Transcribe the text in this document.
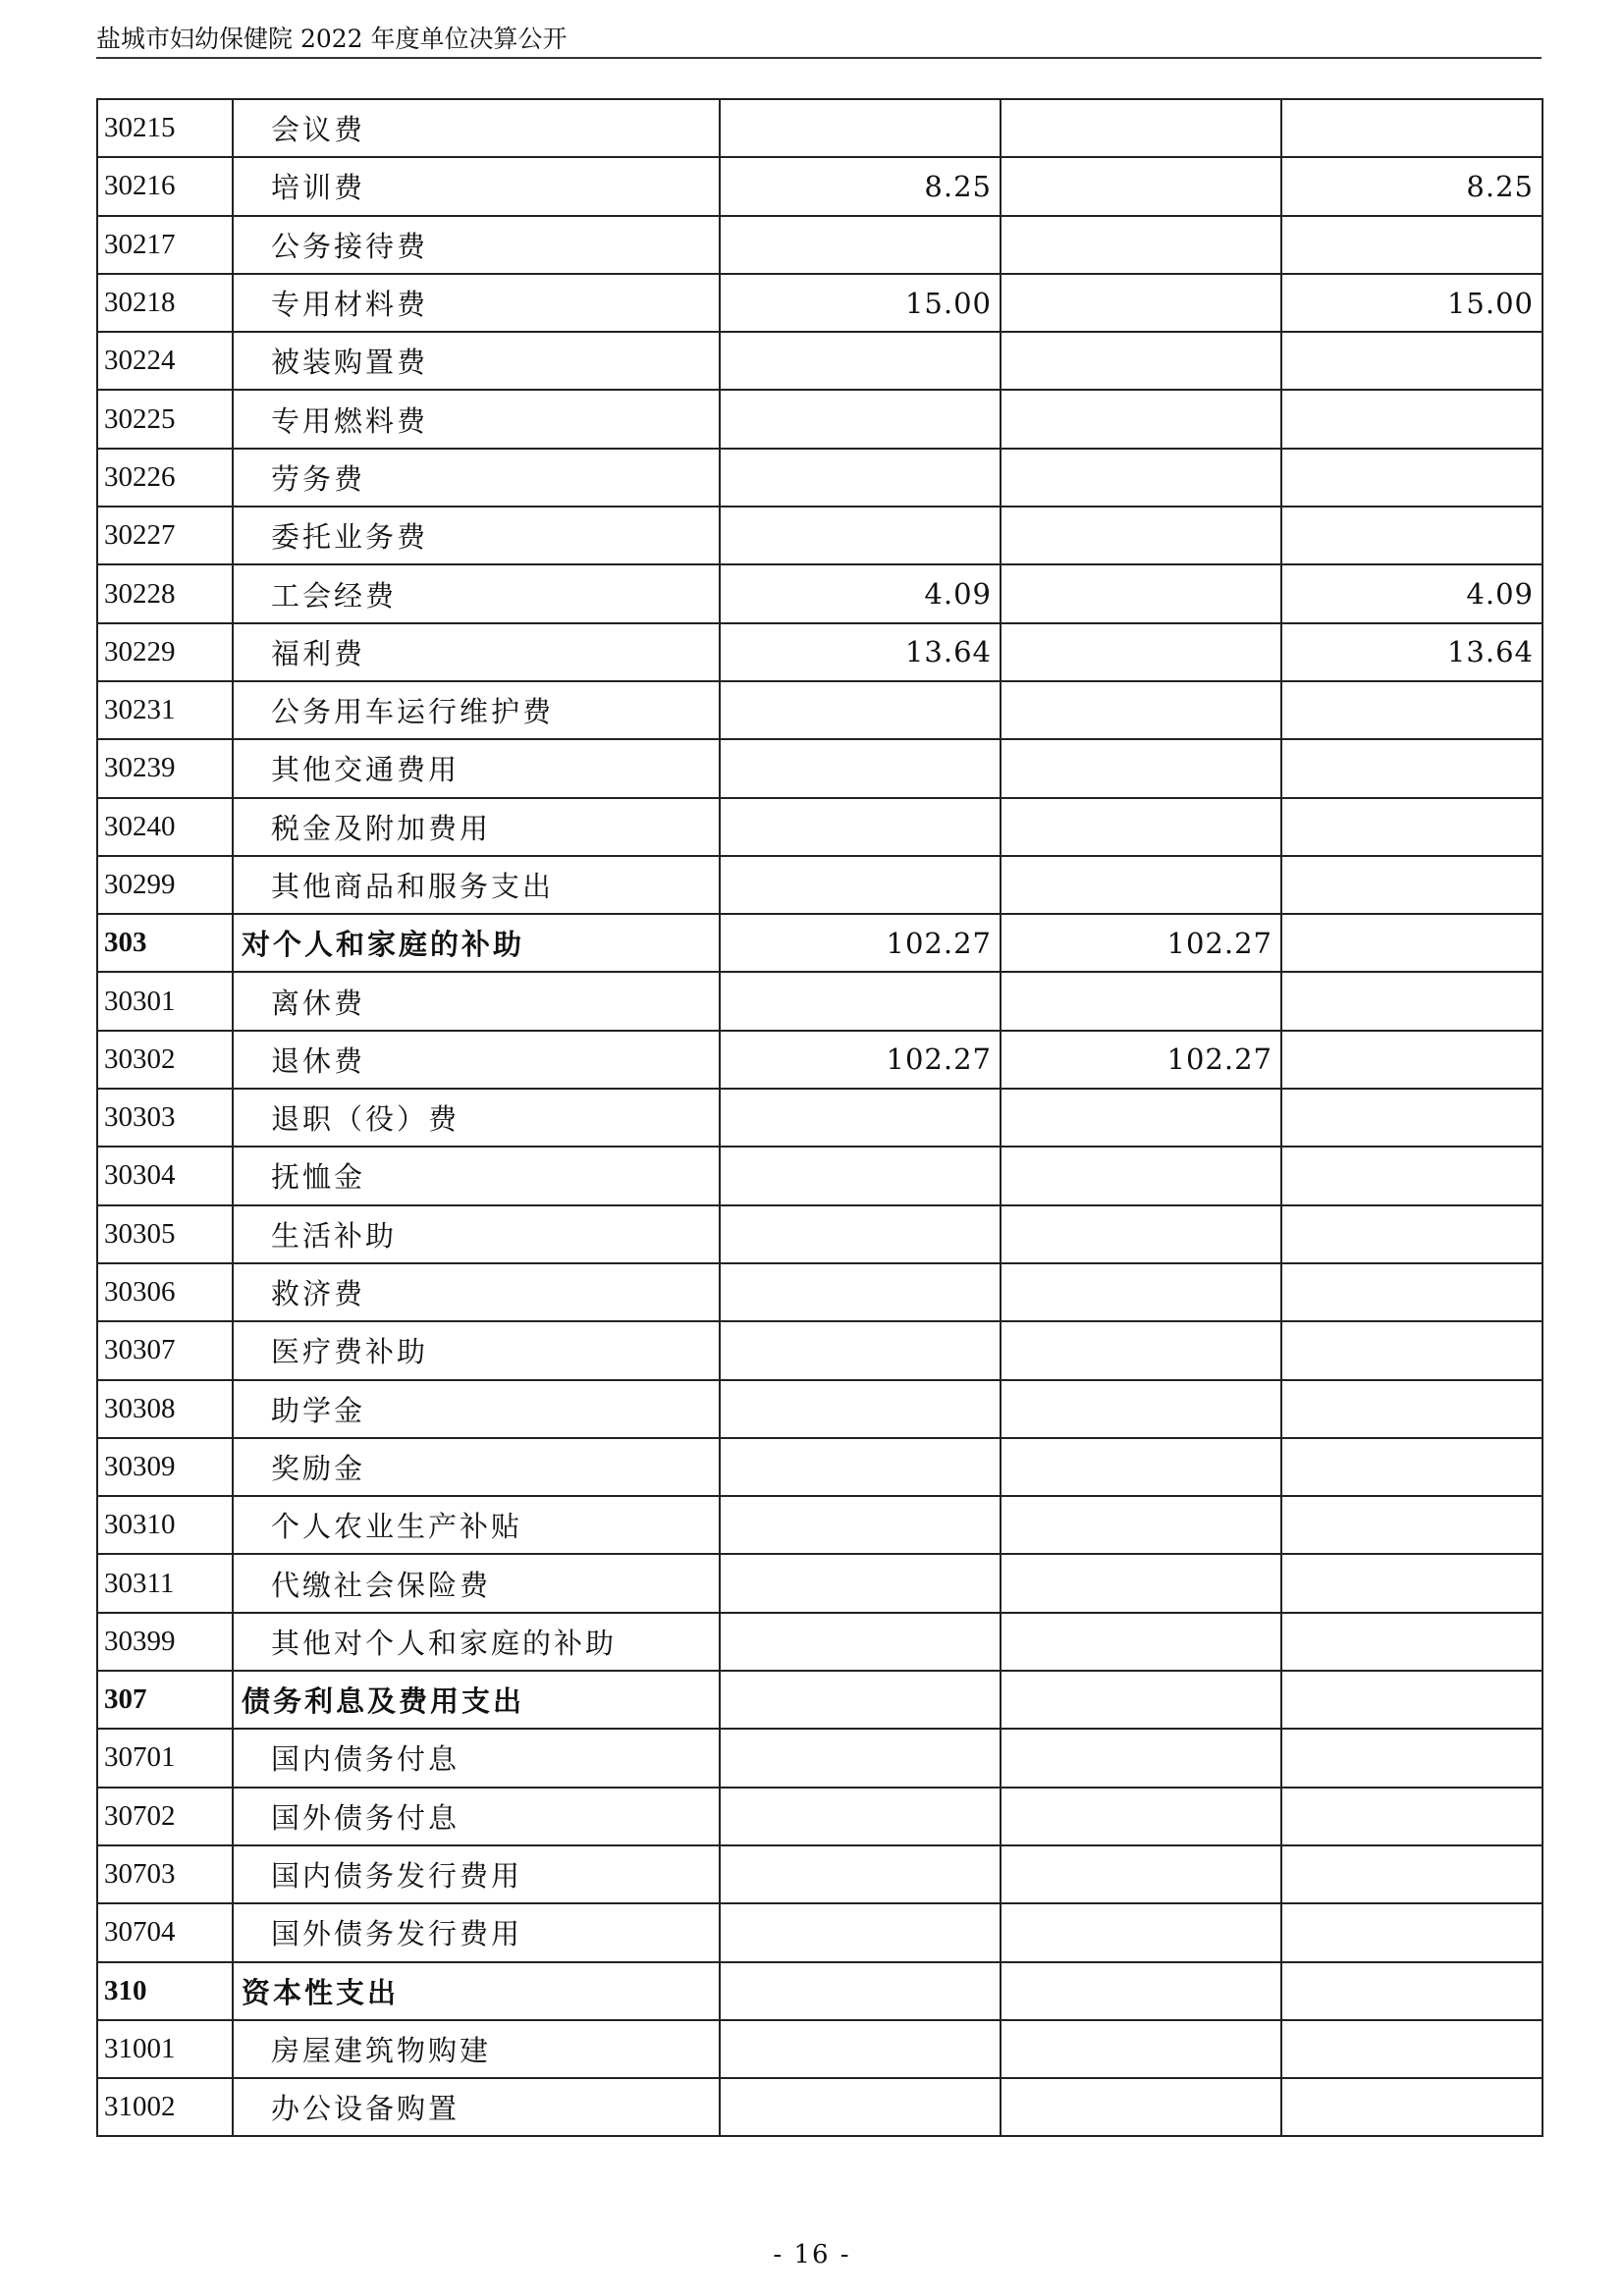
盐城市妇幼保健院 2022 年度单位决算公开
30215	会议费			
30216	培训费	8.25		8.25
30217	公务接待费			
30218	专用材料费	15.00		15.00
30224	被装购置费			
30225	专用燃料费			
30226	劳务费			
30227	委托业务费			
30228	工会经费	4.09		4.09
30229	福利费	13.64		13.64
30231	公务用车运行维护费			
30239	其他交通费用			
30240	税金及附加费用			
30299	其他商品和服务支出			
303	对个人和家庭的补助	102.27	102.27	
30301	离休费			
30302	退休费	102.27	102.27	
30303	退职（役）费			
30304	抚恤金			
30305	生活补助			
30306	救济费			
30307	医疗费补助			
30308	助学金			
30309	奖励金			
30310	个人农业生产补贴			
30311	代缴社会保险费			
30399	其他对个人和家庭的补助			
307	债务利息及费用支出			
30701	国内债务付息			
30702	国外债务付息			
30703	国内债务发行费用			
30704	国外债务发行费用			
310	资本性支出			
31001	房屋建筑物购建			
31002	办公设备购置			
- 16 -
